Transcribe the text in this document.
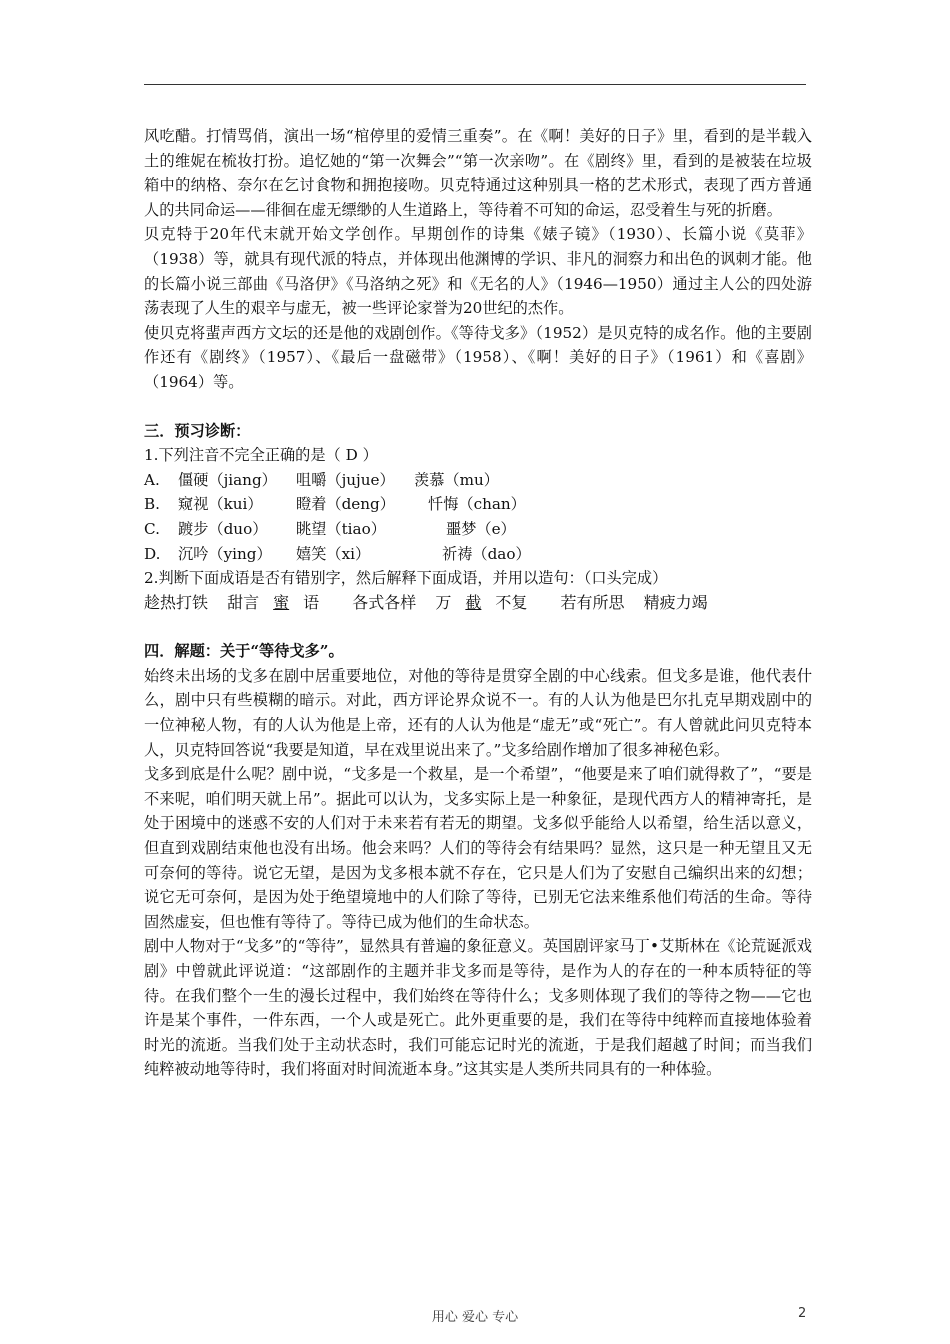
风吃醋。打情骂俏，演出一场“棺停里的爱情三重奏”。在《啊！美好的日子》里，看到的是半载入土的维妮在梳妆打扮。追忆她的“第一次舞会”“第一次亲吻”。在《剧终》里，看到的是被装在垃圾箱中的纳格、奈尔在乞讨食物和拥抱接吻。贝克特通过这种别具一格的艺术形式，表现了西方普通人的共同命运——徘徊在虚无缥缈的人生道路上，等待着不可知的命运，忍受着生与死的折磨。

贝克特于20年代末就开始文学创作。早期创作的诗集《婊子镜》（1930）、长篇小说《莫菲》（1938）等，就具有现代派的特点，并体现出他渊博的学识、非凡的洞察力和出色的讽刺才能。他的长篇小说三部曲《马洛伊》《马洛纳之死》和《无名的人》（1946—1950）通过主人公的四处游荡表现了人生的艰辛与虚无，被一些评论家誉为20世纪的杰作。

使贝克将蜚声西方文坛的还是他的戏剧创作。《等待戈多》（1952）是贝克特的成名作。他的主要剧作还有《剧终》（1957）、《最后一盘磁带》（1958）、《啊！美好的日子》（1961）和《喜剧》（1964）等。

三．预习诊断：

1.下列注音不完全正确的是（ D ）

A. 僵硬（jiang） 咀嚼（jujue） 羡慕（mu）

B. 窥视（kui） 瞪着（deng） 忏悔（chan）

C. 踱步（duo） 眺望（tiao）	噩梦（e）

D. 沉吟（ying） 嬉笑（xi）	祈祷（dao）

2.判断下面成语是否有错别字，然后解释下面成语，并用以造句：（口头完成）

趁热打铁 甜言 蜜 语 各式各样 万 截 不复 若有所思 精疲力竭

四．解题：关于“等待戈多”。

始终未出场的戈多在剧中居重要地位，对他的等待是贯穿全剧的中心线索。但戈多是谁，他代表什么，剧中只有些模糊的暗示。对此，西方评论界众说不一。有的人认为他是巴尔扎克早期戏剧中的一位神秘人物，有的人认为他是上帝，还有的人认为他是“虚无”或“死亡”。有人曾就此问贝克特本人，贝克特回答说“我要是知道，早在戏里说出来了。”戈多给剧作增加了很多神秘色彩。

戈多到底是什么呢？剧中说，“戈多是一个救星，是一个希望”，“他要是来了咱们就得救了”，“要是不来呢，咱们明天就上吊”。据此可以认为，戈多实际上是一种象征，是现代西方人的精神寄托，是处于困境中的迷惑不安的人们对于未来若有若无的期望。戈多似乎能给人以希望，给生活以意义，但直到戏剧结束他也没有出场。他会来吗？人们的等待会有结果吗？显然，这只是一种无望且又无可奈何的等待。说它无望，是因为戈多根本就不存在，它只是人们为了安慰自己编织出来的幻想；说它无可奈何，是因为处于绝望境地中的人们除了等待，已别无它法来维系他们苟活的生命。等待固然虚妄，但也惟有等待了。等待已成为他们的生命状态。

剧中人物对于“戈多”的“等待”，显然具有普遍的象征意义。英国剧评家马丁•艾斯林在《论荒诞派戏剧》中曾就此评说道：“这部剧作的主题并非戈多而是等待，是作为人的存在的一种本质特征的等待。在我们整个一生的漫长过程中，我们始终在等待什么；戈多则体现了我们的等待之物——它也许是某个事件，一件东西，一个人或是死亡。此外更重要的是，我们在等待中纯粹而直接地体验着时光的流逝。当我们处于主动状态时，我们可能忘记时光的流逝，于是我们超越了时间；而当我们纯粹被动地等待时，我们将面对时间流逝本身。”这其实是人类所共同具有的一种体验。

用心 爱心 专心	2
